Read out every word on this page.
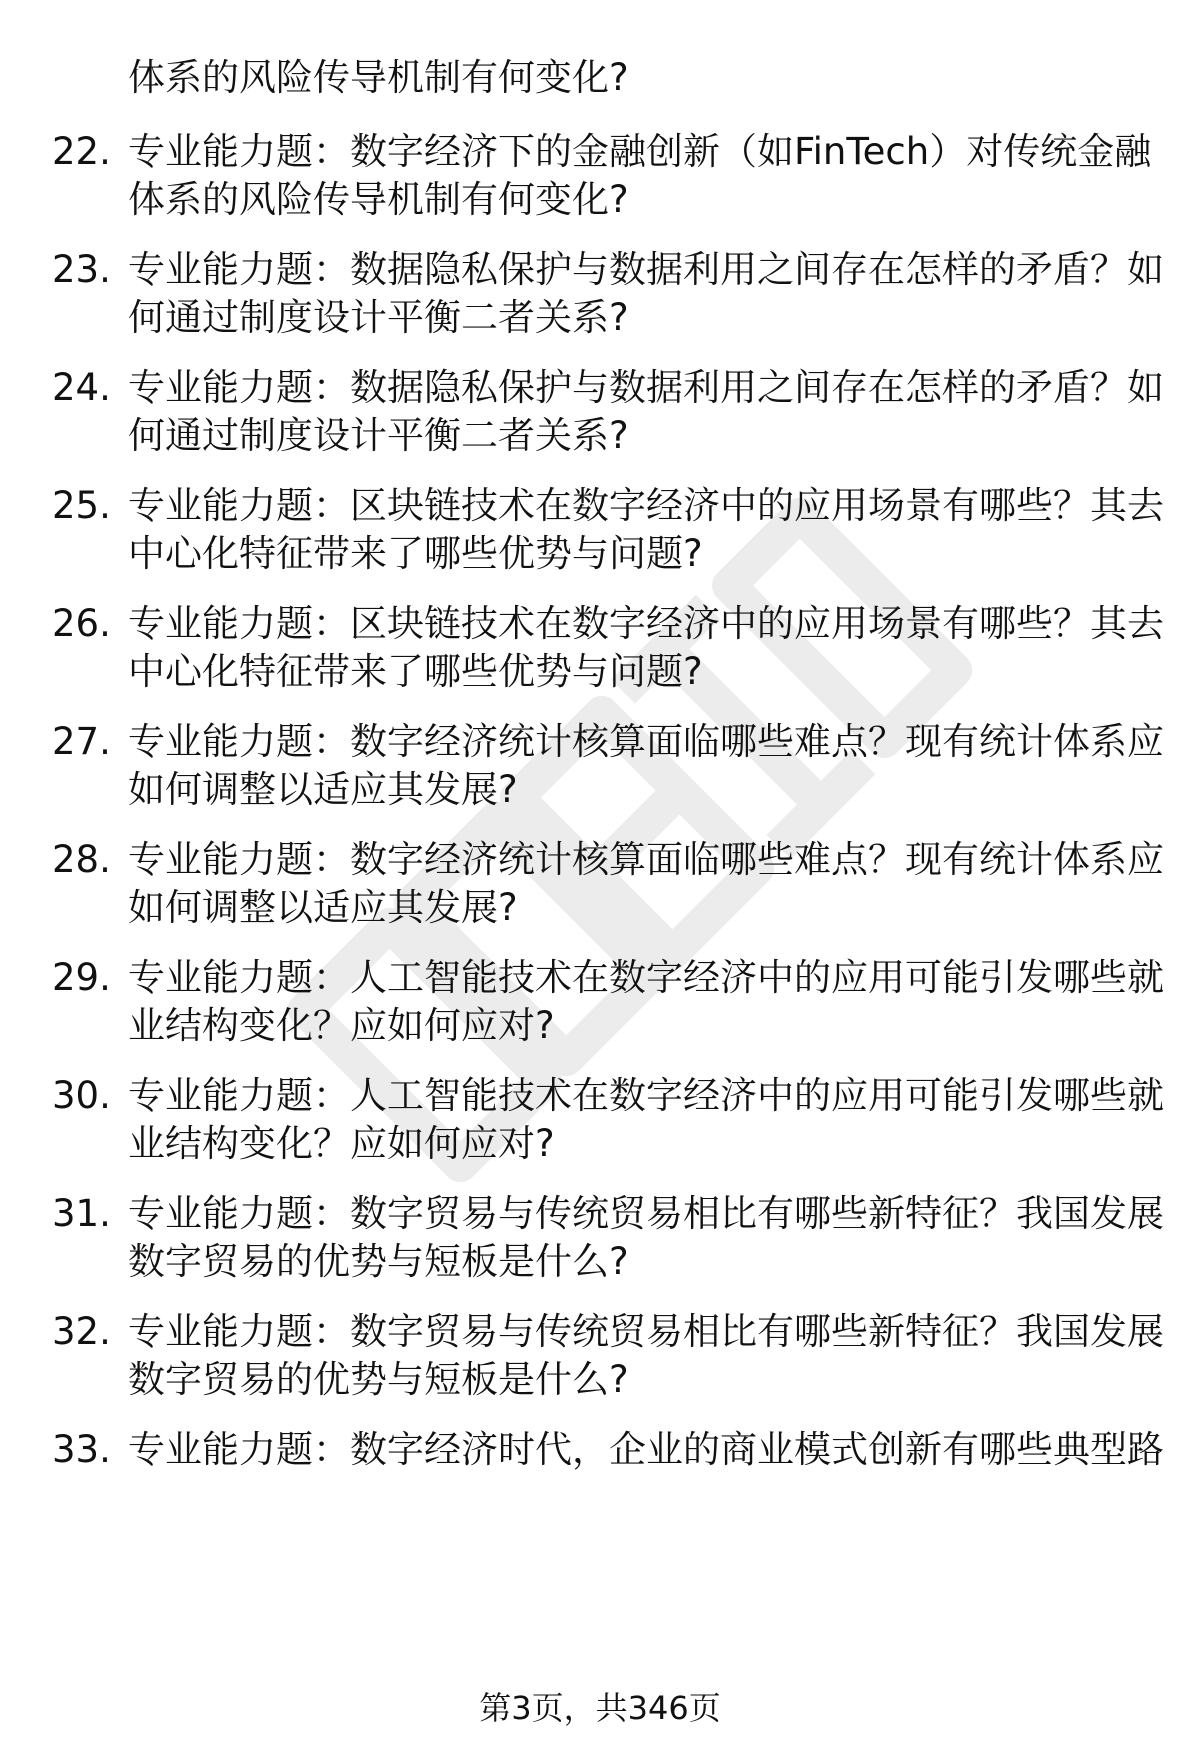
体系的风险传导机制有何变化?
22. 专业能力题：数字经济下的金融创新（如FinTech）对传统金融
体系的风险传导机制有何变化?
23. 专业能力题：数据隐私保护与数据利用之间存在怎样的矛盾？如
何通过制度设计平衡二者关系?
24. 专业能力题：数据隐私保护与数据利用之间存在怎样的矛盾？如
何通过制度设计平衡二者关系?
25. 专业能力题：区块链技术在数字经济中的应用场景有哪些？其去
中心化特征带来了哪些优势与问题?
26. 专业能力题：区块链技术在数字经济中的应用场景有哪些？其去
中心化特征带来了哪些优势与问题?
27. 专业能力题：数字经济统计核算面临哪些难点？现有统计体系应
如何调整以适应其发展?
28. 专业能力题：数字经济统计核算面临哪些难点？现有统计体系应
如何调整以适应其发展?
29. 专业能力题：人工智能技术在数字经济中的应用可能引发哪些就
业结构变化？应如何应对?
30. 专业能力题：人工智能技术在数字经济中的应用可能引发哪些就
业结构变化？应如何应对?
31. 专业能力题：数字贸易与传统贸易相比有哪些新特征？我国发展
数字贸易的优势与短板是什么?
32. 专业能力题：数字贸易与传统贸易相比有哪些新特征？我国发展
数字贸易的优势与短板是什么?
33. 专业能力题：数字经济时代，企业的商业模式创新有哪些典型路
第3页，共346页
